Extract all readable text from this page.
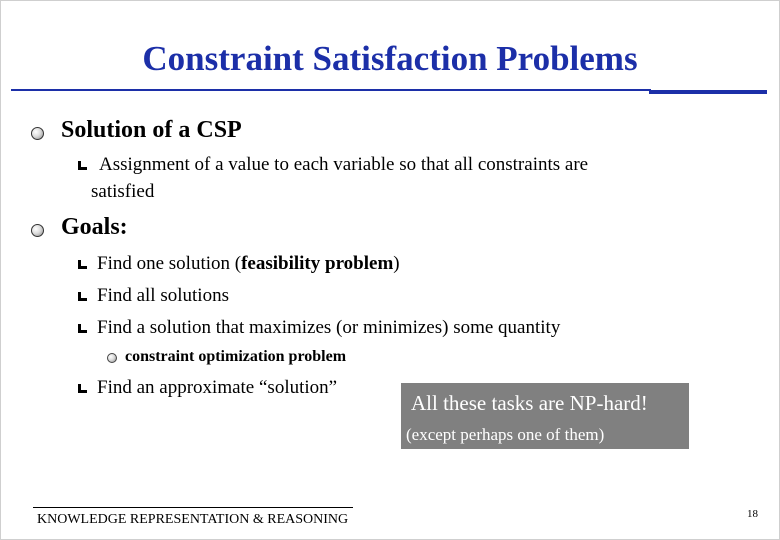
Constraint Satisfaction Problems
Solution of a CSP
Assignment of a value to each variable so that all constraints are
satisfied
Goals:
Find one solution (feasibility problem)
Find all solutions
Find a solution that maximizes (or minimizes) some quantity
constraint optimization problem
Find an approximate “solution”
All these tasks are NP-hard!
(except perhaps one of them)
KNOWLEDGE REPRESENTATION & REASONING	18
